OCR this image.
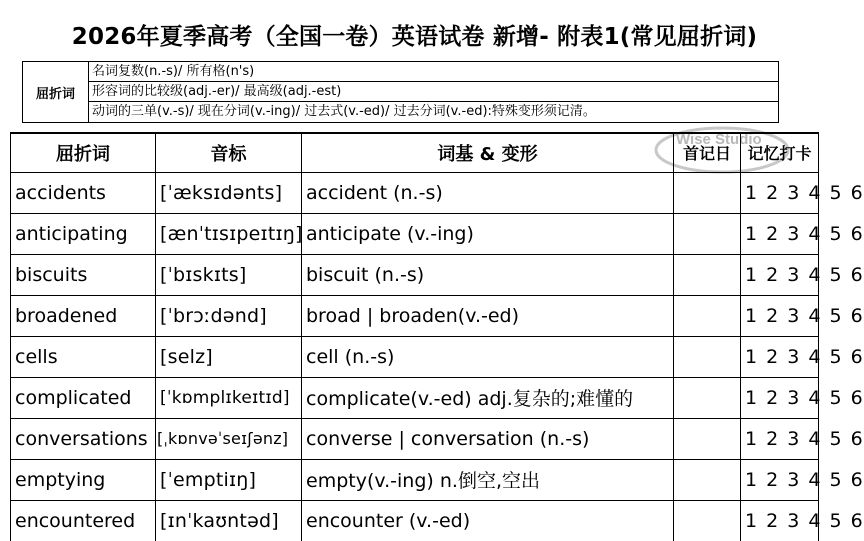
2026年夏季高考（全国一卷）英语试卷 新增- 附表1(常见屈折词)
屈折词
名词复数(n.-s)/ 所有格(n's)
形容词的比较级(adj.-er)/ 最高级(adj.-est)
动词的三单(v.-s)/ 现在分词(v.-ing)/ 过去式(v.-ed)/ 过去分词(v.-ed):特殊变形须记清。
Wise Studio
屈折词	音标	词基 & 变形	首记日	记忆打卡
accidents	[ˈæksɪdənts]	accident (n.-s)		1 2 3 4 5 6
anticipating	[ænˈtɪsɪpeɪtɪŋ]	anticipate (v.-ing)		1 2 3 4 5 6
biscuits	[ˈbɪskɪts]	biscuit (n.-s)		1 2 3 4 5 6
broadened	[ˈbrɔːdənd]	broad | broaden(v.-ed)		1 2 3 4 5 6
cells	[selz]	cell (n.-s)		1 2 3 4 5 6
complicated	[ˈkɒmplɪkeɪtɪd]	complicate(v.-ed) adj.复杂的;难懂的		1 2 3 4 5 6
conversations	[ˌkɒnvəˈseɪʃənz]	converse | conversation (n.-s)		1 2 3 4 5 6
emptying	[ˈemptiɪŋ]	empty(v.-ing) n.倒空,空出		1 2 3 4 5 6
encountered	[ɪnˈkaʊntəd]	encounter (v.-ed)		1 2 3 4 5 6
